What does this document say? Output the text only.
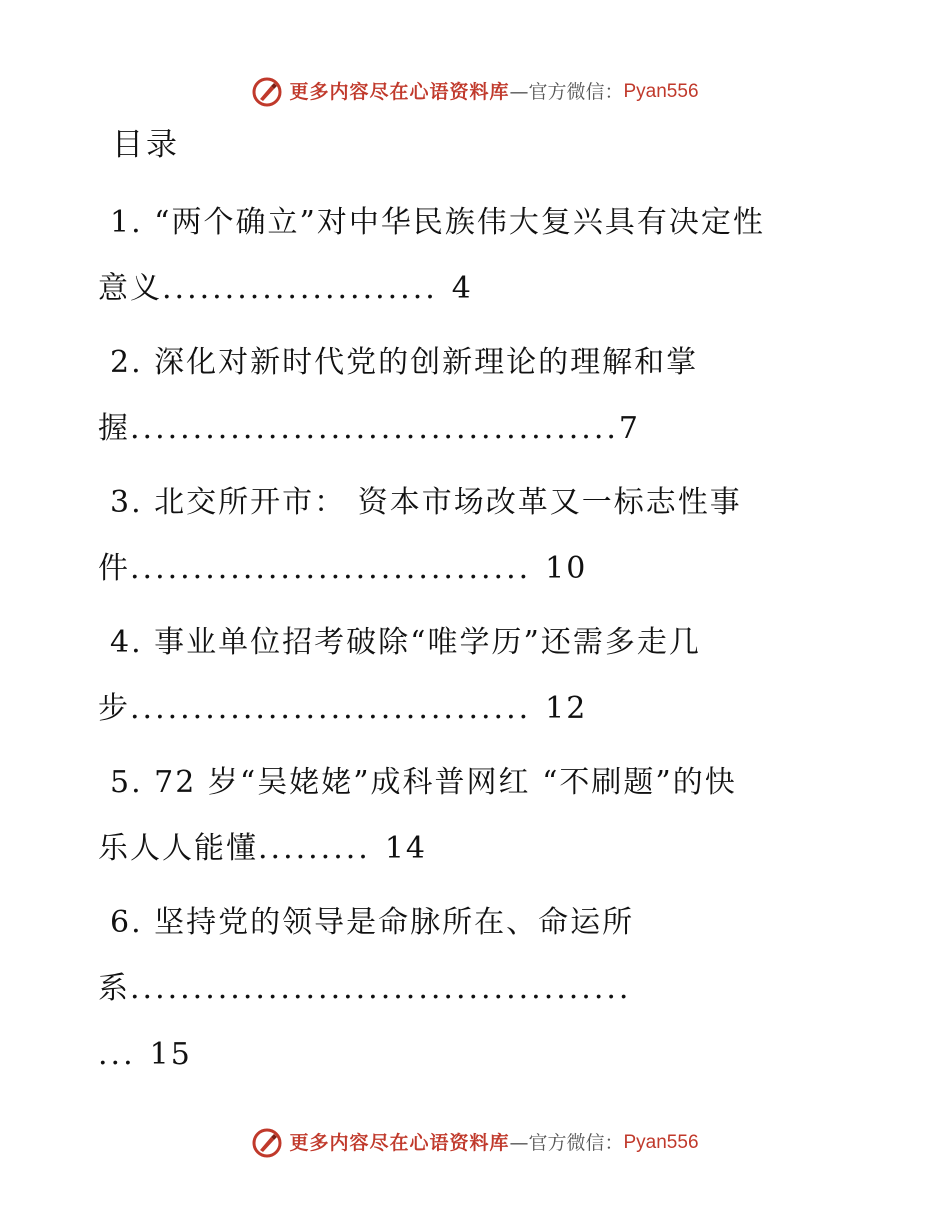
更多内容尽在心语资料库 — 官方微信： Pyan556
目录
1. “两个确立”对中华民族伟大复兴具有决定性
意义...................... 4
2. 深化对新时代党的创新理论的理解和掌
握.......................................7
3. 北交所开市： 资本市场改革又一标志性事
件................................ 10
4. 事业单位招考破除“唯学历”还需多走几
步................................ 12
5. 72 岁“吴姥姥”成科普网红 “不刷题”的快
乐人人能懂......... 14
6. 坚持党的领导是命脉所在、命运所
系........................................
... 15
更多内容尽在心语资料库 — 官方微信： Pyan556
